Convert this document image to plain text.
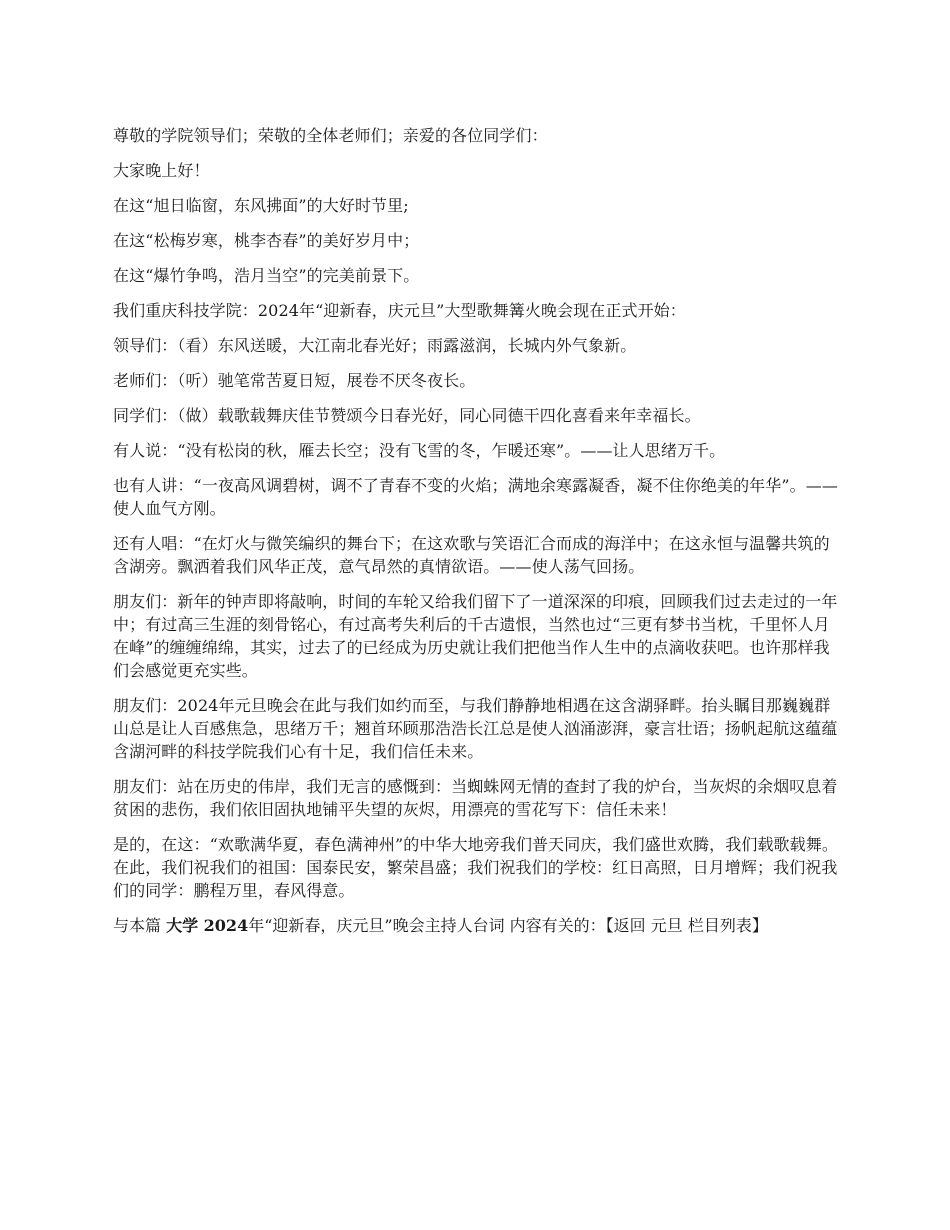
尊敬的学院领导们；荣敬的全体老师们；亲爱的各位同学们：

大家晚上好！

在这“旭日临窗，东风拂面”的大好时节里;

在这“松梅岁寒，桃李杏春”的美好岁月中；

在这“爆竹争鸣，浩月当空”的完美前景下。

我们重庆科技学院：2024年“迎新春，庆元旦”大型歌舞篝火晚会现在正式开始：

领导们：（看）东风送暖，大江南北春光好；雨露滋润，长城内外气象新。

老师们：（听）驰笔常苦夏日短，展卷不厌冬夜长。

同学们：（做）载歌载舞庆佳节赞颂今日春光好，同心同德干四化喜看来年幸福长。

有人说：“没有松岗的秋，雁去长空；没有飞雪的冬，乍暖还寒”。——让人思绪万千。

也有人讲：“一夜高风调碧树，调不了青春不变的火焰；满地余寒露凝香，凝不住你绝美的年华”。——使人血气方刚。

还有人唱：“在灯火与微笑编织的舞台下；在这欢歌与笑语汇合而成的海洋中；在这永恒与温馨共筑的含湖旁。飘洒着我们风华正茂，意气昂然的真情欲语。——使人荡气回扬。

朋友们：新年的钟声即将敲响，时间的车轮又给我们留下了一道深深的印痕，回顾我们过去走过的一年中；有过高三生涯的刻骨铭心，有过高考失利后的千古遗恨，当然也过“三更有梦书当枕，千里怀人月在峰”的缠缠绵绵，其实，过去了的已经成为历史就让我们把他当作人生中的点滴收获吧。也许那样我们会感觉更充实些。

朋友们：2024年元旦晚会在此与我们如约而至，与我们静静地相遇在这含湖驿畔。抬头瞩目那巍巍群山总是让人百感焦急，思绪万千；翘首环顾那浩浩长江总是使人汹涌澎湃，豪言壮语；扬帆起航这蕴蕴含湖河畔的科技学院我们心有十足，我们信任未来。

朋友们：站在历史的伟岸，我们无言的感慨到：当蜘蛛网无情的查封了我的炉台，当灰烬的余烟叹息着贫困的悲伤，我们依旧固执地铺平失望的灰烬，用漂亮的雪花写下：信任未来！

是的，在这：“欢歌满华夏，春色满神州”的中华大地旁我们普天同庆，我们盛世欢腾，我们载歌载舞。在此，我们祝我们的祖国：国泰民安，繁荣昌盛；我们祝我们的学校：红日高照，日月增辉；我们祝我们的同学：鹏程万里，春风得意。

与本篇 大学 2024年“迎新春，庆元旦”晚会主持人台词 内容有关的：【返回 元旦 栏目列表】
